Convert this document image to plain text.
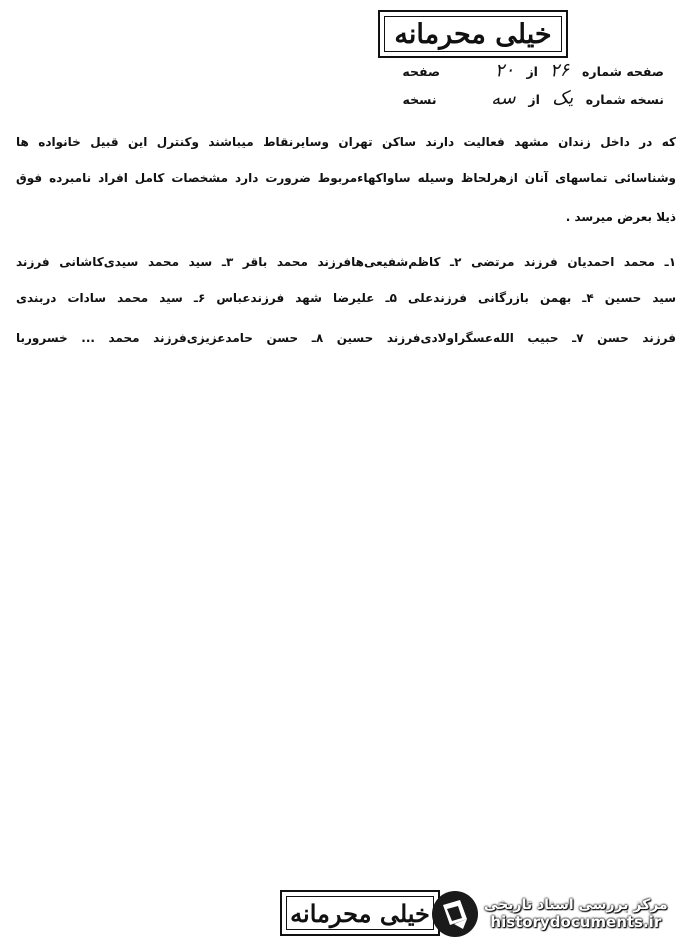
خیلی محرمانه
صفحه شماره ۲۶ از ۲۰  صفحه
نسخه شماره یک از سه  نسخه
که در داخل زندان مشهد فعالیت دارند ساکن تهران وسایرنقاط میباشند وکنترل این قبیل خانواده ها
وشناسائی تماسهای آنان ازهرلحاظ وسیله ساواکهاءمربوط ضرورت دارد مشخصات کامل افراد نامبرده فوق
ذیلا بعرض میرسد .
۱ـ محمد احمدیان فرزند مرتضی ۲ـ کاظم‌شفیعی‌ها‌فرزند محمد باقر ۳ـ سید محمد سیدی‌کاشانی فرزند
سید حسین ۴ـ بهمن بازرگانی فرزندعلی ۵ـ علیرضا شهد فرزندعباس ۶ـ سید محمد سادات دربندی
فرزند حسن ۷ـ حبیب الله‌عسگراولادی‌فرزند حسین ۸ـ حسن حامدعزیزی‌فرزند محمد ... خسروربا
خیلی محرمانه	مرکز بررسی اسناد تاریخی
historydocuments.ir
